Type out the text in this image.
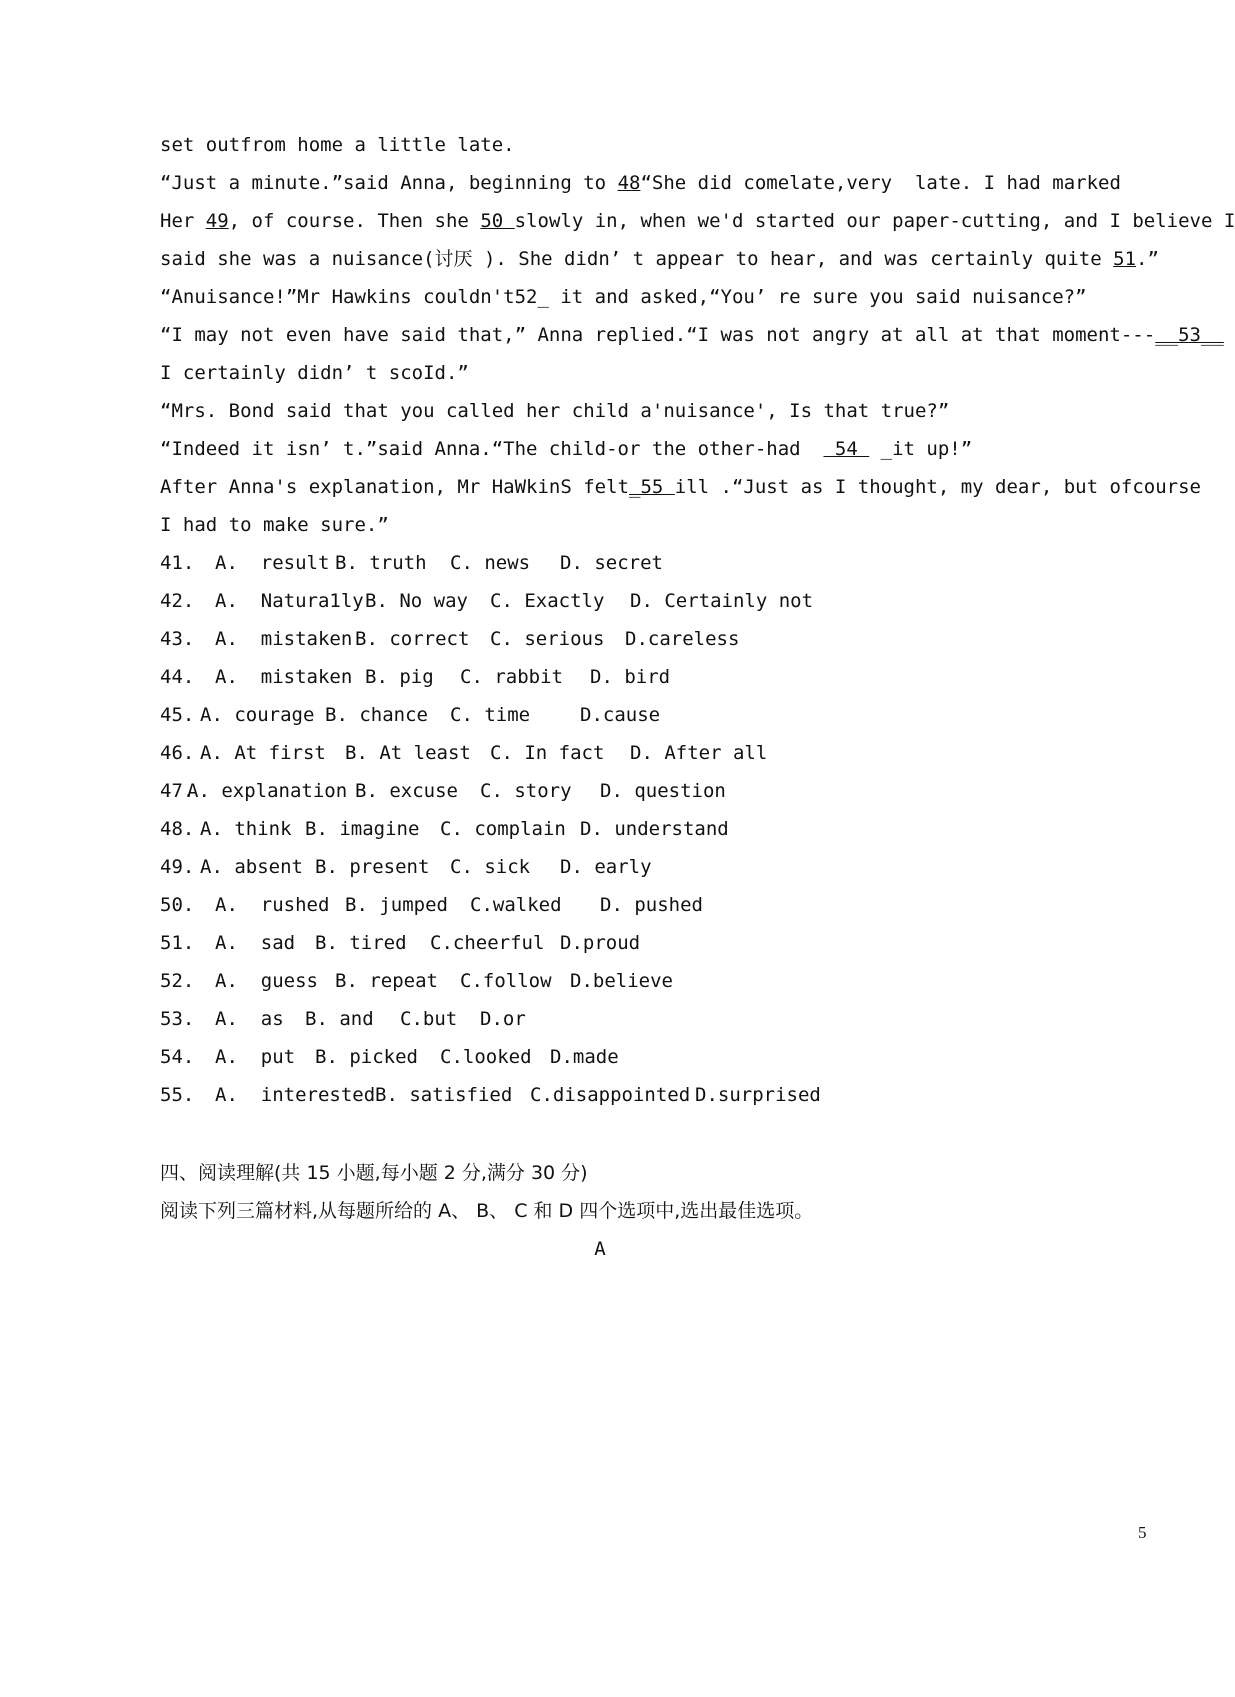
set outfrom home a little late.
“Just a minute.”said Anna, beginning to 48“She did comelate,very  late. I had marked
Her 49, of course. Then she 50 slowly in, when we'd started our paper-cutting, and I believe I
said she was a nuisance(讨厌 ). She didn’ t appear to hear, and was certainly quite 51.”
“Anuisance!”Mr Hawkins couldn't52_ it and asked,“You’ re sure you said nuisance?”
“I may not even have said that,” Anna replied.“I was not angry at all at that moment---__53__
I certainly didn’ t scoId.”
“Mrs. Bond said that you called her child a'nuisance', Is that true?”
“Indeed it isn’ t.”said Anna.“The child-or the other-had   54  _it up!”
After Anna's explanation, Mr HaWkinS felt_55 ill .“Just as I thought, my dear, but ofcourse
I had to make sure.”
41. A.  result B. truth C. news D. secret
42. A.  Natura1ly B. No way C. Exactly D. Certainly not
43. A.  mistaken B. correct C. serious D.careless
44. A.  mistaken B. pig C. rabbit D. bird
45. A. courage B. chance C. time	D.cause
46. A. At first B. At least C. In fact D. After all
47.
A. explanation B. excuse C. story D. question
48. A. think B. imagine C. complain D. understand
49. A. absent B. present C. sick D. early
50. A.  rushed B. jumped C.walked D. pushed
51. A.  sad B. tired C.cheerful D.proud
52. A.  guess B. repeat C.follow D.believe
53. A.  as B. and C.but D.or
54. A.  put B. picked C.looked D.made
55. A.  interested B. satisfied C.disappointed D.surprised
四、阅读理解(共 15 小题,每小题 2 分,满分 30 分)
阅读下列三篇材料,从每题所给的 A、 B、 C 和 D 四个选项中,选出最佳选项。
A
5
